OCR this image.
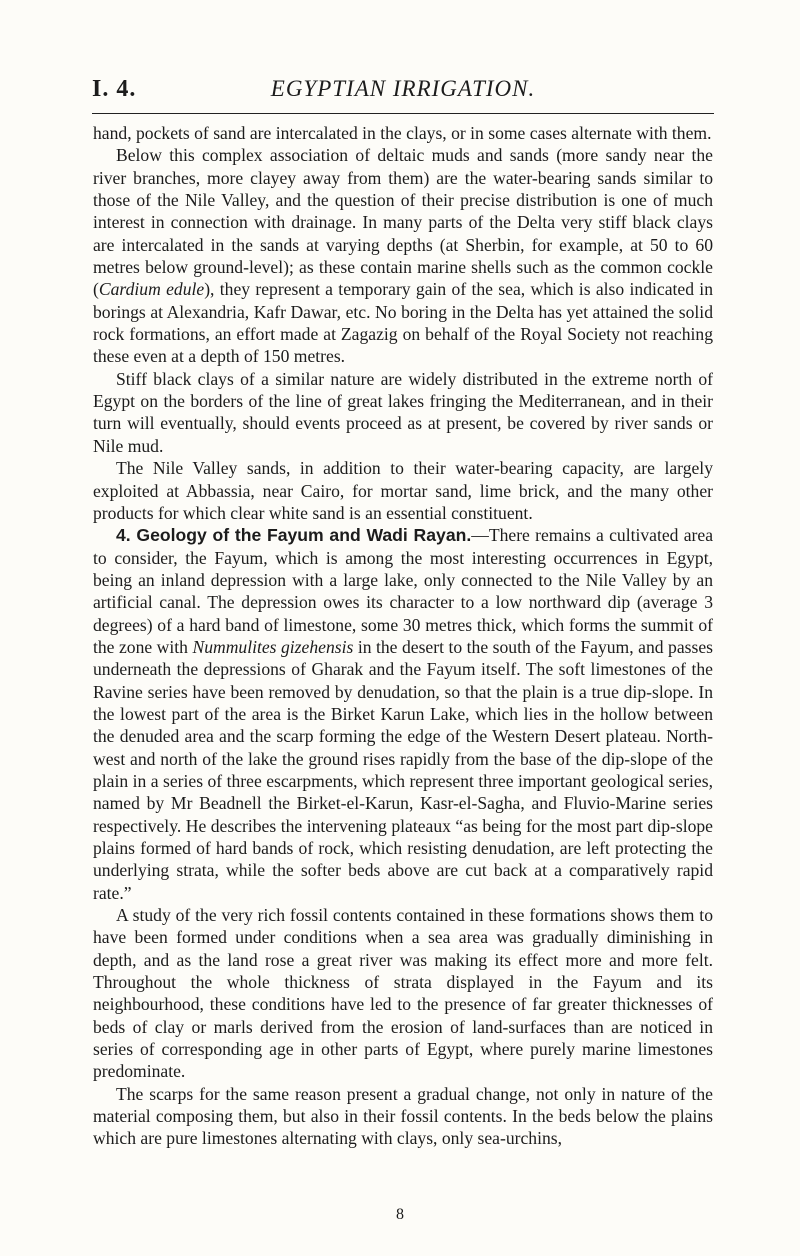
I. 4.	EGYPTIAN IRRIGATION.

hand, pockets of sand are intercalated in the clays, or in some cases alternate with them.

Below this complex association of deltaic muds and sands (more sandy near the river branches, more clayey away from them) are the water-bearing sands similar to those of the Nile Valley, and the question of their precise distribution is one of much interest in connection with drainage. In many parts of the Delta very stiff black clays are intercalated in the sands at varying depths (at Sherbin, for example, at 50 to 60 metres below ground-level); as these contain marine shells such as the common cockle (Cardium edule), they represent a temporary gain of the sea, which is also indicated in borings at Alexandria, Kafr Dawar, etc. No boring in the Delta has yet attained the solid rock formations, an effort made at Zagazig on behalf of the Royal Society not reaching these even at a depth of 150 metres.

Stiff black clays of a similar nature are widely distributed in the extreme north of Egypt on the borders of the line of great lakes fringing the Mediterranean, and in their turn will eventually, should events proceed as at present, be covered by river sands or Nile mud.

The Nile Valley sands, in addition to their water-bearing capacity, are largely exploited at Abbassia, near Cairo, for mortar sand, lime brick, and the many other products for which clear white sand is an essential constituent.

4. Geology of the Fayum and Wadi Rayan.—There remains a cultivated area to consider, the Fayum, which is among the most interesting occurrences in Egypt, being an inland depression with a large lake, only connected to the Nile Valley by an artificial canal. The depression owes its character to a low northward dip (average 3 degrees) of a hard band of limestone, some 30 metres thick, which forms the summit of the zone with Nummulites gizehensis in the desert to the south of the Fayum, and passes underneath the depressions of Gharak and the Fayum itself. The soft limestones of the Ravine series have been removed by denudation, so that the plain is a true dip-slope. In the lowest part of the area is the Birket Karun Lake, which lies in the hollow between the denuded area and the scarp forming the edge of the Western Desert plateau. North-west and north of the lake the ground rises rapidly from the base of the dip-slope of the plain in a series of three escarpments, which represent three important geological series, named by Mr Beadnell the Birket-el-Karun, Kasr-el-Sagha, and Fluvio-Marine series respectively. He describes the intervening plateaux “as being for the most part dip-slope plains formed of hard bands of rock, which resisting denudation, are left protecting the underlying strata, while the softer beds above are cut back at a comparatively rapid rate.”

A study of the very rich fossil contents contained in these formations shows them to have been formed under conditions when a sea area was gradually diminishing in depth, and as the land rose a great river was making its effect more and more felt. Throughout the whole thickness of strata displayed in the Fayum and its neighbourhood, these conditions have led to the presence of far greater thicknesses of beds of clay or marls derived from the erosion of land-surfaces than are noticed in series of corresponding age in other parts of Egypt, where purely marine limestones predominate.

The scarps for the same reason present a gradual change, not only in nature of the material composing them, but also in their fossil contents. In the beds below the plains which are pure limestones alternating with clays, only sea-urchins,

8
